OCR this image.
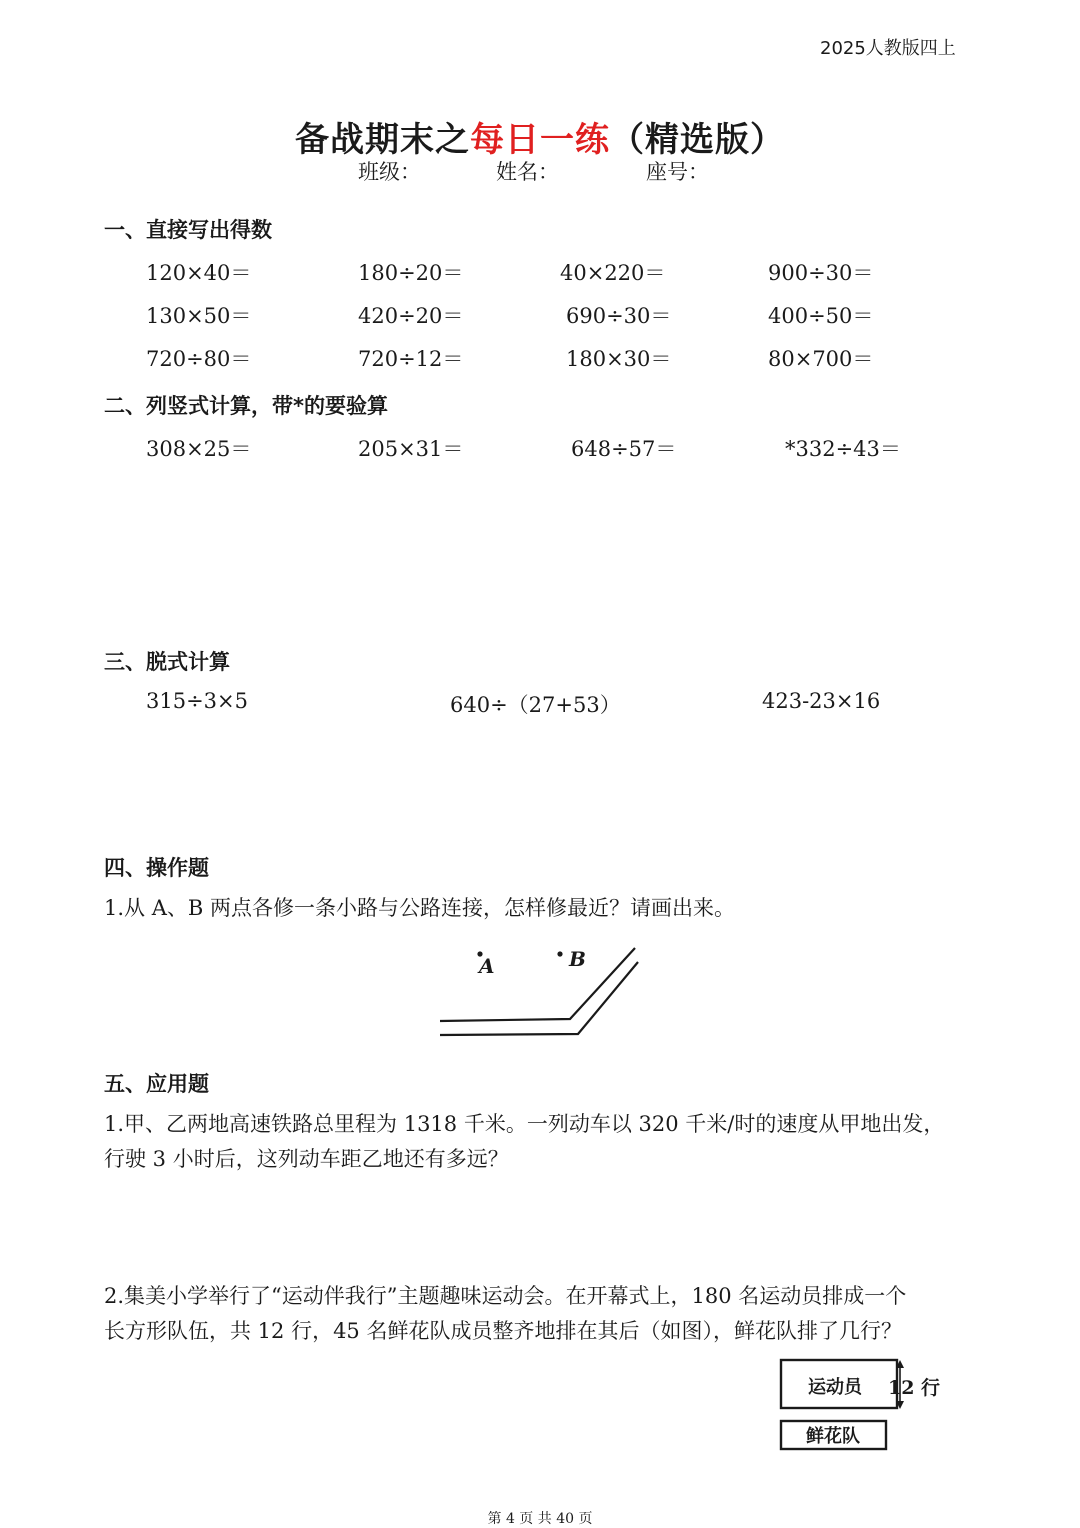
2025人教版四上
备战期末之每日一练（精选版）
班级：	姓名：	座号：
一、直接写出得数
120×40＝	180÷20＝	40×220＝	900÷30＝
130×50＝	420÷20＝	690÷30＝	400÷50＝
720÷80＝	720÷12＝	180×30＝	80×700＝
二、列竖式计算，带*的要验算
308×25＝	205×31＝	648÷57＝	*332÷43＝
三、脱式计算
315÷3×5	640÷（27+53）	423-23×16
四、操作题
1.从 A、B 两点各修一条小路与公路连接，怎样修最近？请画出来。
A	B
五、应用题
1.甲、乙两地高速铁路总里程为 1318 千米。一列动车以 320 千米/时的速度从甲地出发，
行驶 3 小时后，这列动车距乙地还有多远？
2.集美小学举行了“运动伴我行”主题趣味运动会。在开幕式上，180 名运动员排成一个
长方形队伍，共 12 行，45 名鲜花队成员整齐地排在其后（如图），鲜花队排了几行？
运动员 12 行
鲜花队
第 4 页 共 40 页
